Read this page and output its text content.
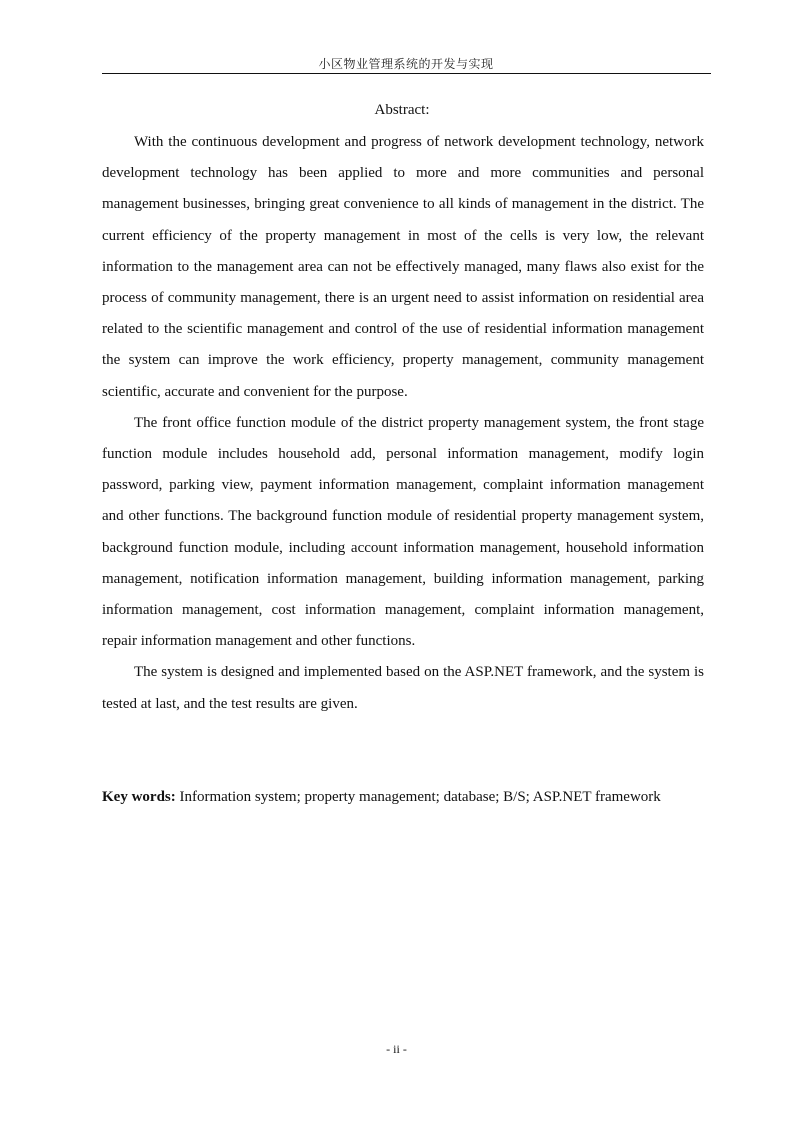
小区物业管理系统的开发与实现
Abstract:

With the continuous development and progress of network development technology, network development technology has been applied to more and more communities and personal management businesses, bringing great convenience to all kinds of management in the district. The current efficiency of the property management in most of the cells is very low, the relevant information to the management area can not be effectively managed, many flaws also exist for the process of community management, there is an urgent need to assist information on residential area related to the scientific management and control of the use of residential information management the system can improve the work efficiency, property management, community management scientific, accurate and convenient for the purpose.

The front office function module of the district property management system, the front stage function module includes household add, personal information management, modify login password, parking view, payment information management, complaint information management and other functions. The background function module of residential property management system, background function module, including account information management, household information management, notification information management, building information management, parking information management, cost information management, complaint information management, repair information management and other functions.

The system is designed and implemented based on the ASP.NET framework, and the system is tested at last, and the test results are given.

Key words: Information system; property management; database; B/S; ASP.NET framework
- ii -
